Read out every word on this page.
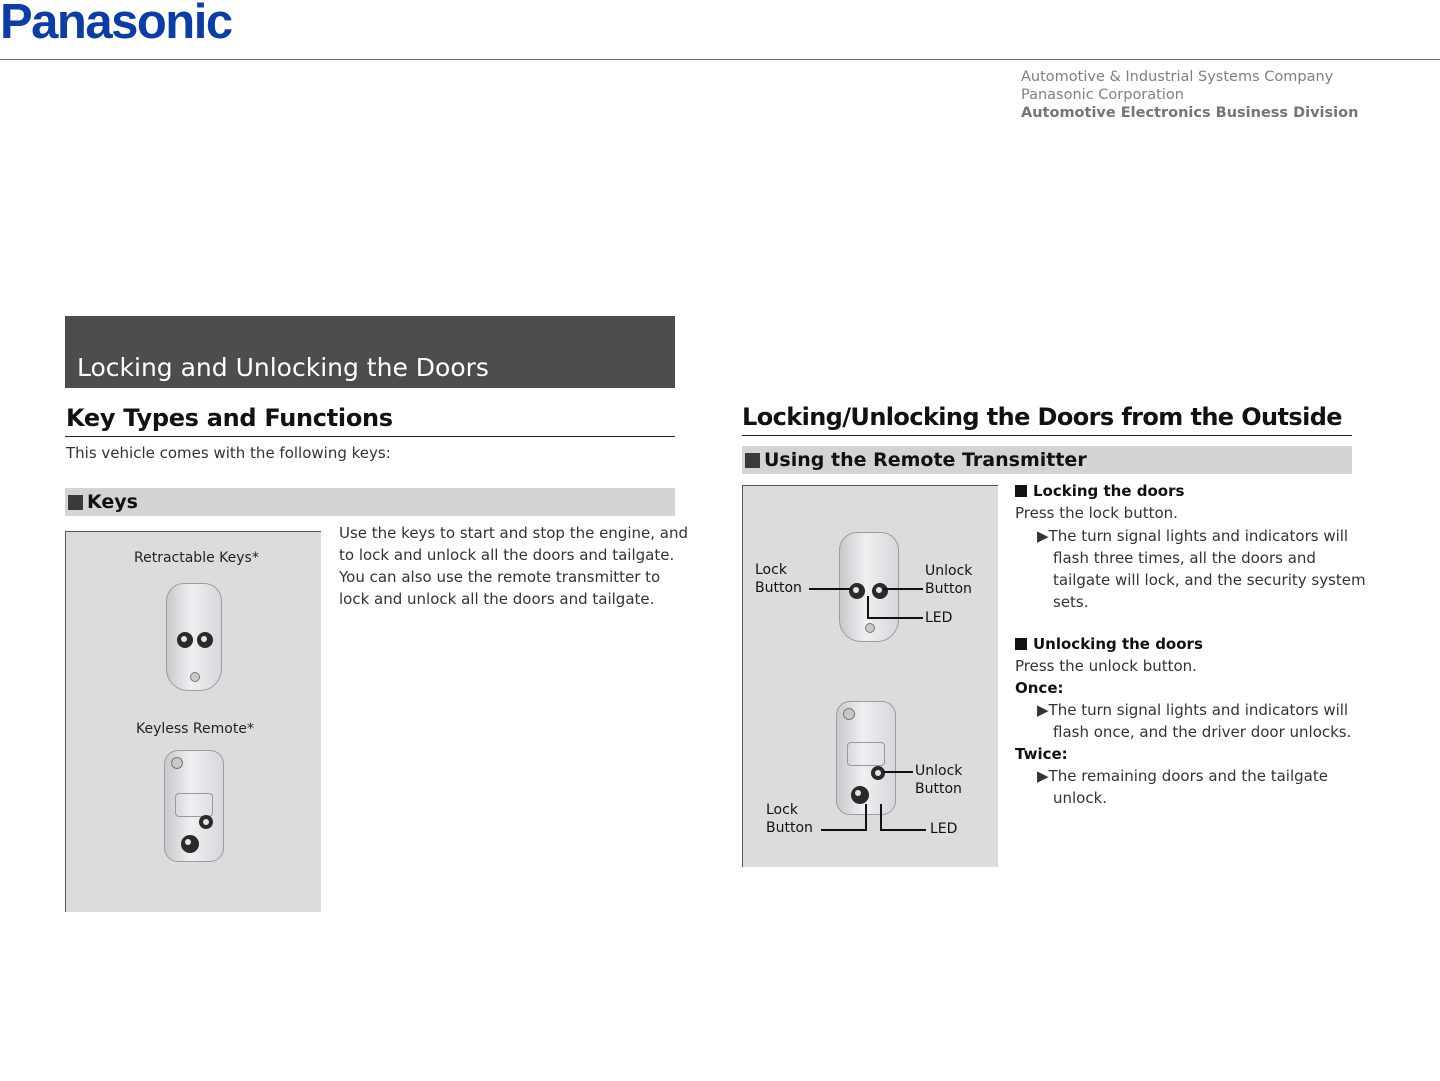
Panasonic
Automotive & Industrial Systems Company
Panasonic Corporation
Automotive Electronics Business Division
Locking and Unlocking the Doors
Key Types and Functions
This vehicle comes with the following keys:
Keys
Retractable Keys*
Keyless Remote*
Use the keys to start and stop the engine, and
to lock and unlock all the doors and tailgate.
You can also use the remote transmitter to
lock and unlock all the doors and tailgate.
Locking/Unlocking the Doors from the Outside
Using the Remote Transmitter
Lock
Button
Unlock
Button
LED
Unlock
Button
Lock
Button	LED
Locking the doors
Press the lock button.
▶The turn signal lights and indicators will
flash three times, all the doors and
tailgate will lock, and the security system
sets.
Unlocking the doors
Press the unlock button.
Once:
▶The turn signal lights and indicators will
flash once, and the driver door unlocks.
Twice:
▶The remaining doors and the tailgate
unlock.
